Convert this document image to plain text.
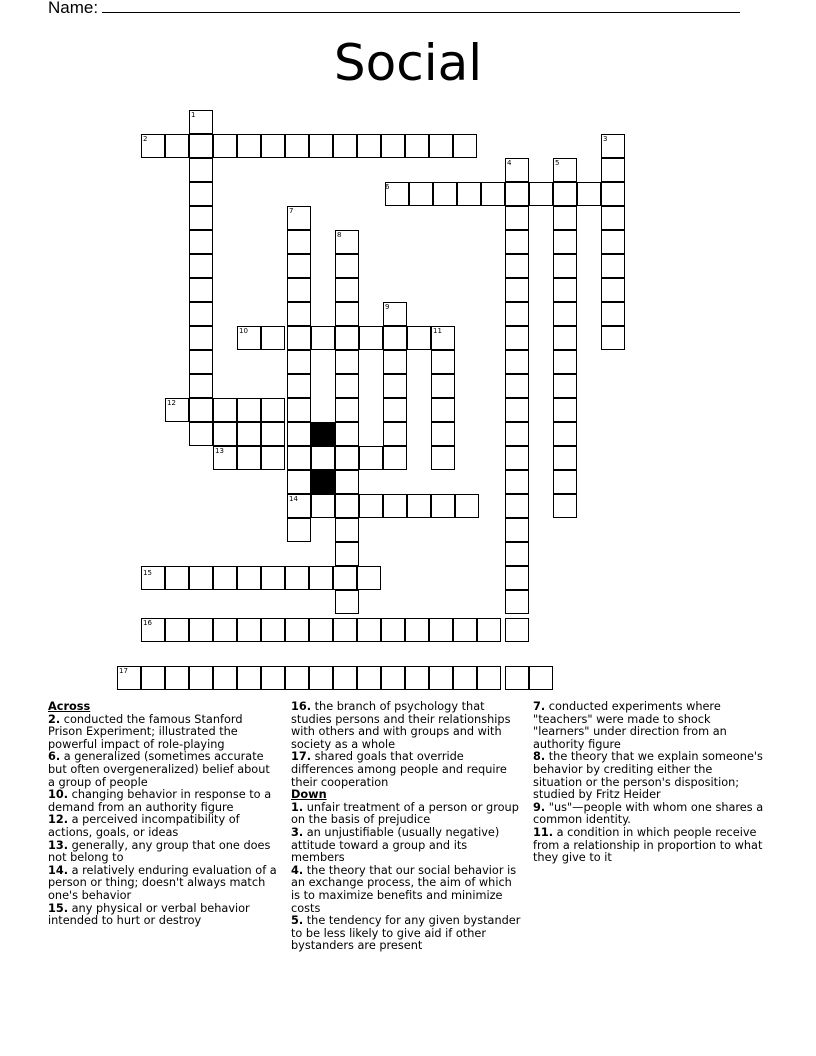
Name:
Social
1
2	3
4	5
6
7
8
9
10	11
12
13
14
15
16
17

Across

2. conducted the famous Stanford Prison Experiment; illustrated the powerful impact of role-playing

6. a generalized (sometimes accurate but often overgeneralized) belief about a group of people

10. changing behavior in response to a demand from an authority figure

12. a perceived incompatibility of actions, goals, or ideas

13. generally, any group that one does not belong to

14. a relatively enduring evaluation of a person or thing; doesn't always match one's behavior

15. any physical or verbal behavior intended to hurt or destroy

16. the branch of psychology that studies persons and their relationships with others and with groups and with society as a whole

17. shared goals that override differences among people and require their cooperation

Down

1. unfair treatment of a person or group on the basis of prejudice

3. an unjustifiable (usually negative) attitude toward a group and its members

4. the theory that our social behavior is an exchange process, the aim of which is to maximize benefits and minimize costs

5. the tendency for any given bystander to be less likely to give aid if other bystanders are present

7. conducted experiments where "teachers" were made to shock "learners" under direction from an authority figure

8. the theory that we explain someone's behavior by crediting either the situation or the person's disposition; studied by Fritz Heider

9. "us"—people with whom one shares a common identity.

11. a condition in which people receive from a relationship in proportion to what they give to it
